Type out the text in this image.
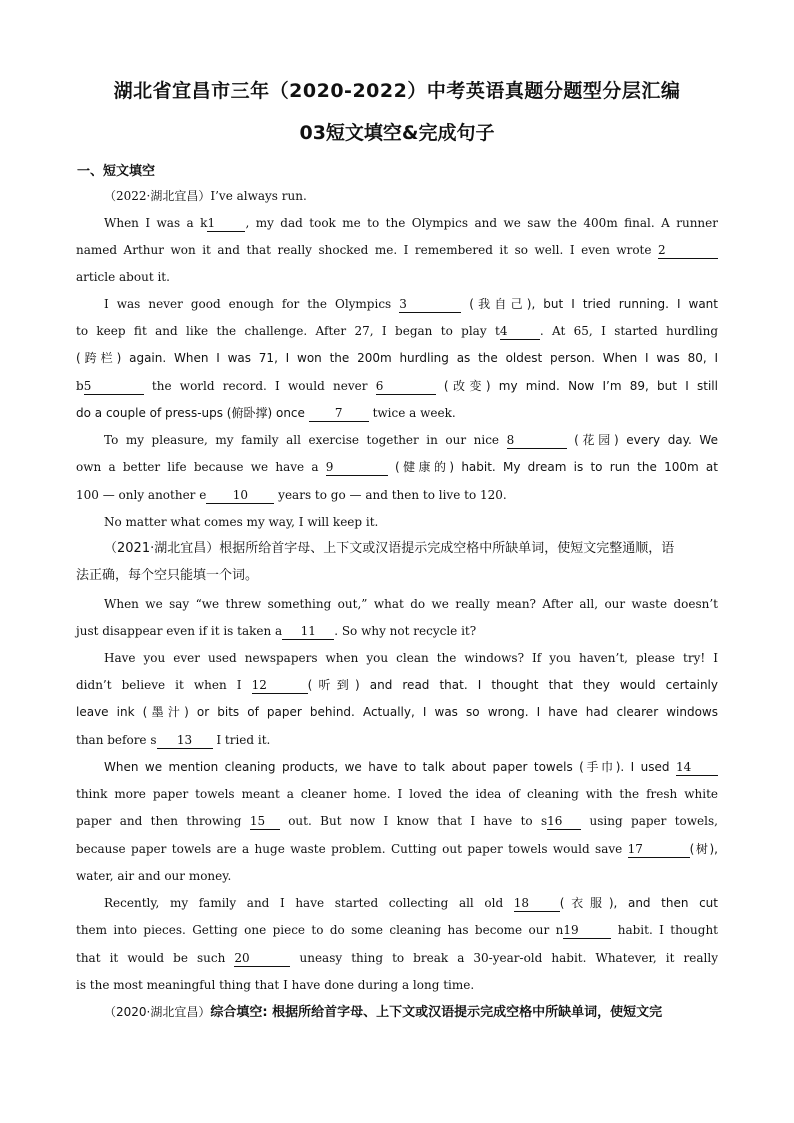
湖北省宜昌市三年（2020-2022）中考英语真题分题型分层汇编
03短文填空&完成句子
一、短文填空
（2022·湖北宜昌）I’ve always run.
When I was a k1	, my dad took me to the Olympics and we saw the 400m final. A runner
named Arthur won it and that really shocked me. I remembered it so well. I even wrote 2
article about it.
I was never good enough for the Olympics 3	(我自己), but I tried running. I want
to keep fit and like the challenge. After 27, I began to play t4	. At 65, I started hurdling
(跨栏) again. When I was 71, I won the 200m hurdling as the oldest person. When I was 80, I
b5	the world record. I would never 6	(改变) my mind. Now I’m 89, but I still
do a couple of press-ups (俯卧撑) once	7	twice a week.
To my pleasure, my family all exercise together in our nice 8	(花园) every day. We
own a better life because we have a 9	(健康的) habit. My dream is to run the 100m at
100 — only another e 10	years to go — and then to live to 120.
No matter what comes my way, I will keep it.
（2021·湖北宜昌）根据所给首字母、上下文或汉语提示完成空格中所缺单词，使短文完整通顺，语
法正确，每个空只能填一个词。
When we say “we threw something out,” what do we really mean? After all, our waste doesn’t
just disappear even if it is taken a 11 . So why not recycle it?
Have you ever used newspapers when you clean the windows? If you haven’t, please try! I
didn’t believe it when I 12	(听到) and read that. I thought that they would certainly
leave ink (墨汁) or bits of paper behind. Actually, I was so wrong. I have had clearer windows
than before s 13 I tried it.
When we mention cleaning products, we have to talk about paper towels (手巾). I used 14
think more paper towels meant a cleaner home. I loved the idea of cleaning with the fresh white
paper and then throwing 15 out. But now I know that I have to s16 using paper towels,
because paper towels are a huge waste problem. Cutting out paper towels would save 17	(树),
water, air and our money.
Recently, my family and I have started collecting all old 18	(衣服), and then cut
them into pieces. Getting one piece to do some cleaning has become our n19	habit. I thought
that it would be such 20	uneasy thing to break a 30-year-old habit. Whatever, it really
is the most meaningful thing that I have done during a long time.
（2020·湖北宜昌）综合填空: 根据所给首字母、上下文或汉语提示完成空格中所缺单词，使短文完
